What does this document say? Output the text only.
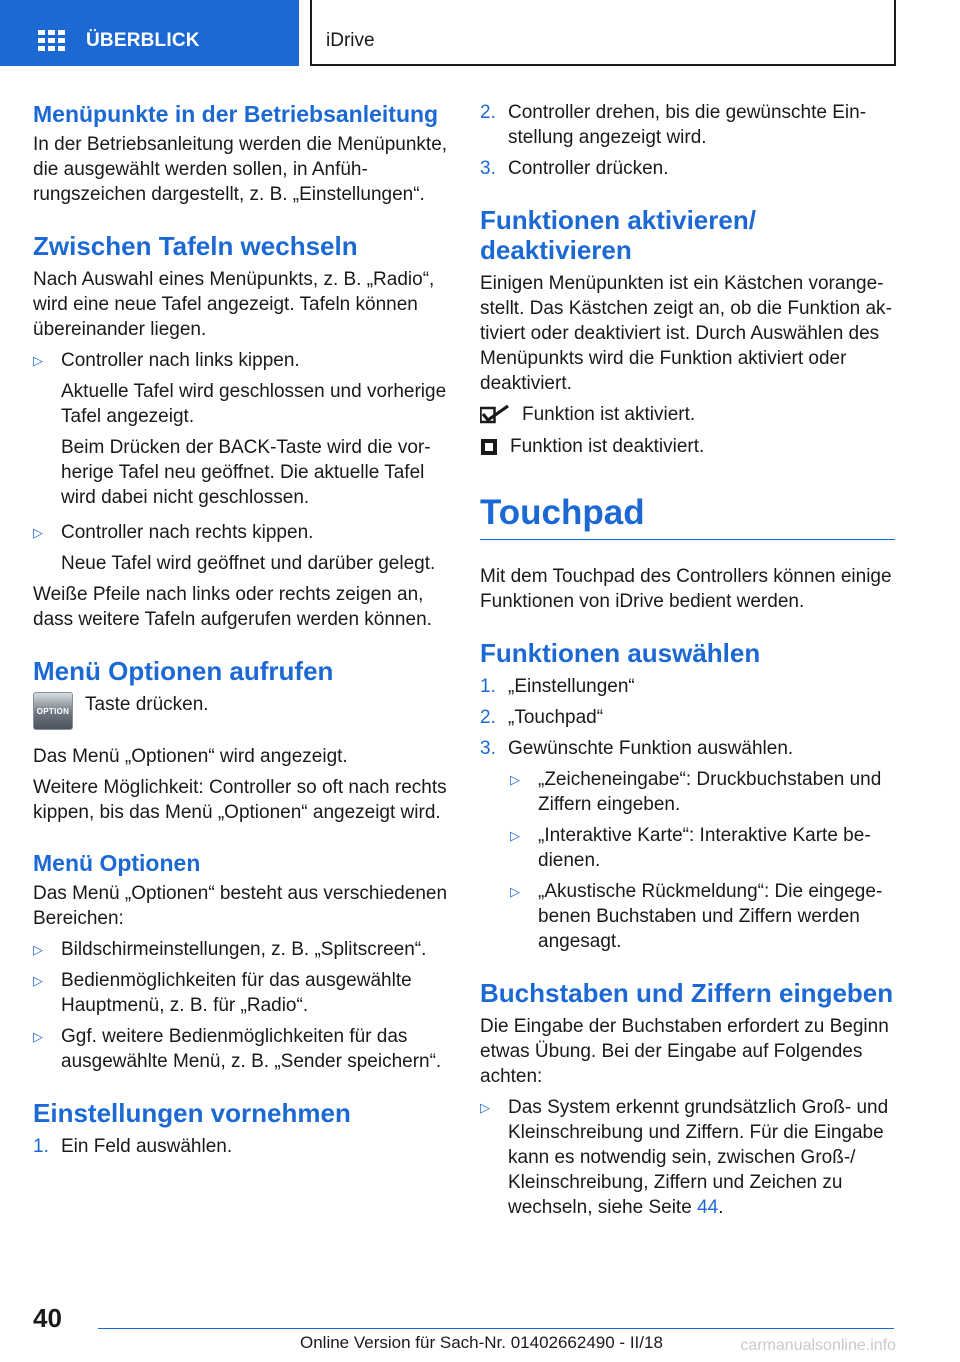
ÜBERBLICK	iDrive
Menüpunkte in der Betriebsanleitung
In der Betriebsanleitung werden die Menüpunkte, die ausgewählt werden sollen, in Anführungszeichen dargestellt, z. B. „Einstellungen“.
Zwischen Tafeln wechseln
Nach Auswahl eines Menüpunkts, z. B. „Radio“, wird eine neue Tafel angezeigt. Tafeln können übereinander liegen.
▷ Controller nach links kippen.
Aktuelle Tafel wird geschlossen und vorherige Tafel angezeigt.
Beim Drücken der BACK-Taste wird die vorherige Tafel neu geöffnet. Die aktuelle Tafel wird dabei nicht geschlossen.
▷ Controller nach rechts kippen.
Neue Tafel wird geöffnet und darüber gelegt.
Weiße Pfeile nach links oder rechts zeigen an, dass weitere Tafeln aufgerufen werden können.
Menü Optionen aufrufen
OPTION Taste drücken.
Das Menü „Optionen“ wird angezeigt.
Weitere Möglichkeit: Controller so oft nach rechts kippen, bis das Menü „Optionen“ angezeigt wird.
Menü Optionen
Das Menü „Optionen“ besteht aus verschiedenen Bereichen:
▷ Bildschirmeinstellungen, z. B. „Splitscreen“.
▷ Bedienmöglichkeiten für das ausgewählte Hauptmenü, z. B. für „Radio“.
▷ Ggf. weitere Bedienmöglichkeiten für das ausgewählte Menü, z. B. „Sender speichern“.
Einstellungen vornehmen
1. Ein Feld auswählen.
2. Controller drehen, bis die gewünschte Einstellung angezeigt wird.
3. Controller drücken.
Funktionen aktivieren/ deaktivieren
Einigen Menüpunkten ist ein Kästchen vorangestellt. Das Kästchen zeigt an, ob die Funktion aktiviert oder deaktiviert ist. Durch Auswählen des Menüpunkts wird die Funktion aktiviert oder deaktiviert.
Funktion ist aktiviert.
Funktion ist deaktiviert.
Touchpad
Mit dem Touchpad des Controllers können einige Funktionen von iDrive bedient werden.
Funktionen auswählen
1. „Einstellungen“
2. „Touchpad“
3. Gewünschte Funktion auswählen.
▷ „Zeicheneingabe“: Druckbuchstaben und Ziffern eingeben.
▷ „Interaktive Karte“: Interaktive Karte bedienen.
▷ „Akustische Rückmeldung“: Die eingegebenen Buchstaben und Ziffern werden angesagt.
Buchstaben und Ziffern eingeben
Die Eingabe der Buchstaben erfordert zu Beginn etwas Übung. Bei der Eingabe auf Folgendes achten:
▷ Das System erkennt grundsätzlich Groß- und Kleinschreibung und Ziffern. Für die Eingabe kann es notwendig sein, zwischen Groß-/ Kleinschreibung, Ziffern und Zeichen zu wechseln, siehe Seite 44.
40
Online Version für Sach-Nr. 01402662490 - II/18	carmanualsonline.info
